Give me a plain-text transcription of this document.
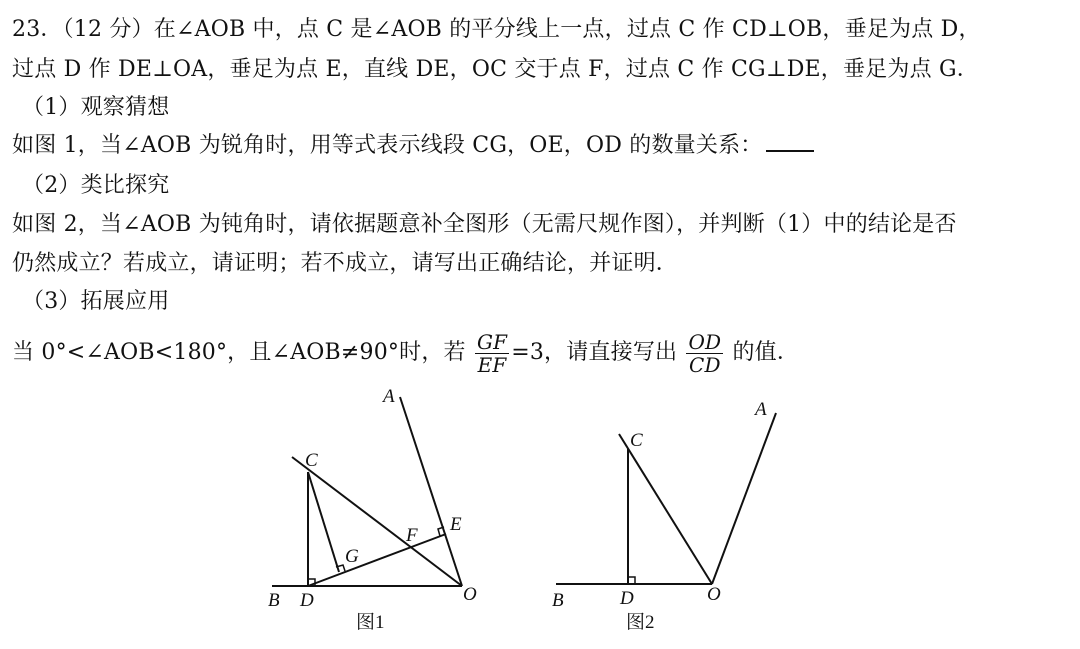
23．（12 分）在∠AOB 中，点 C 是∠AOB 的平分线上一点，过点 C 作 CD⊥OB，垂足为点 D，
过点 D 作 DE⊥OA，垂足为点 E，直线 DE，OC 交于点 F，过点 C 作 CG⊥DE，垂足为点 G．
（1）观察猜想
如图 1，当∠AOB 为锐角时，用等式表示线段 CG，OE，OD 的数量关系：
（2）类比探究
如图 2，当∠AOB 为钝角时，请依据题意补全图形（无需尺规作图），并判断（1）中的结论是否
仍然成立？若成立，请证明；若不成立，请写出正确结论，并证明．
（3）拓展应用
当 0°<∠AOB<180°，且∠AOB≠90°时，若 $\frac{GF}{EF} =3$，请直接写出 $\frac{OD}{CD}$ 的值．
A
B
C
D
E
F
G
O
图1
A
B
C
D	O
图2
